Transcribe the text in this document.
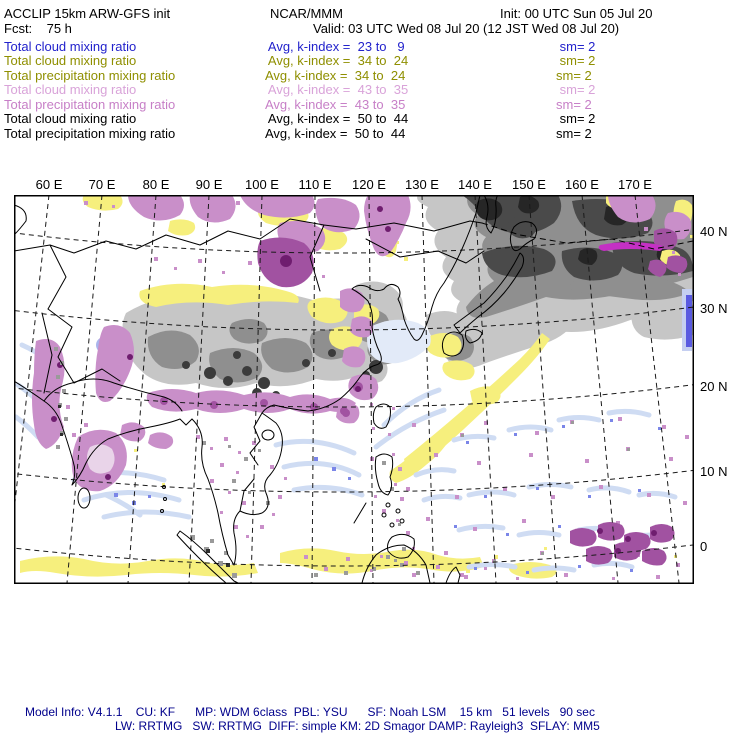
ACCLIP 15km ARW-GFS init	NCAR/MMM	Init: 00 UTC Sun 05 Jul 20
Fcst:    75 h	Valid: 03 UTC Wed 08 Jul 20 (12 JST Wed 08 Jul 20)
Total cloud mixing ratio	Avg, k-index =  23 to   9	sm= 2
Total cloud mixing ratio	Avg, k-index =  34 to  24	sm= 2
Total precipitation mixing ratio	Avg, k-index =  34 to  24	sm= 2
Total cloud mixing ratio	Avg, k-index =  43 to  35	sm= 2
Total precipitation mixing ratio	Avg, k-index =  43 to  35	sm= 2
Total cloud mixing ratio	Avg, k-index =  50 to  44	sm= 2
Total precipitation mixing ratio	Avg, k-index =  50 to  44	sm= 2
60 E 70 E 80 E 90 E 100 E 110 E 120 E 130 E 140 E 150 E 160 E 170 E
40 N
30 N
20 N
10 N
0
Model Info: V4.1.1    CU: KF      MP: WDM 6class  PBL: YSU      SF: Noah LSM    15 km   51 levels   90 sec
LW: RRTMG   SW: RRTMG  DIFF: simple KM: 2D Smagor DAMP: Rayleigh3  SFLAY: MM5
